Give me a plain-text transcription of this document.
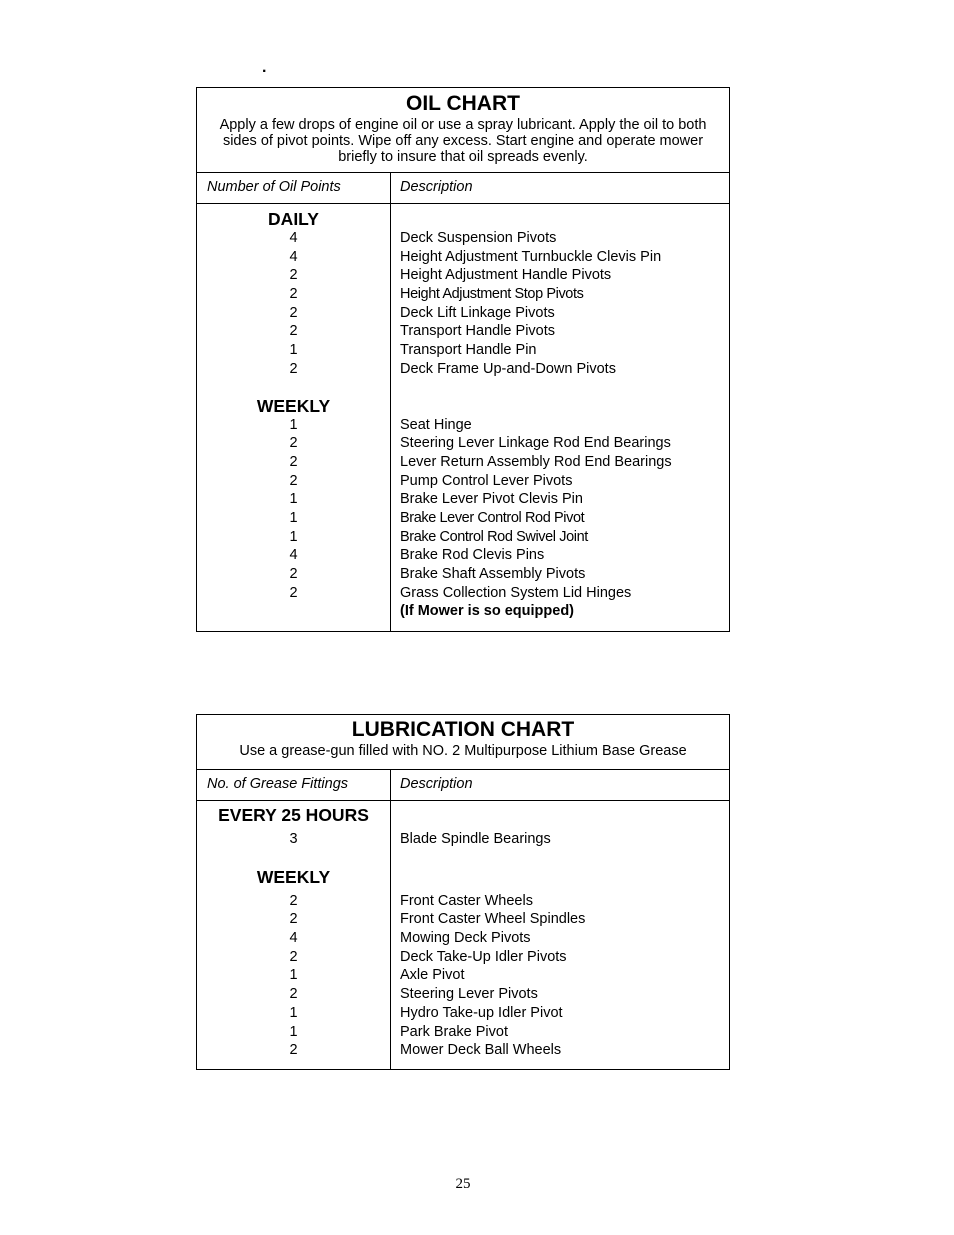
.
OIL CHART
Apply a few drops of engine oil or use a spray lubricant. Apply the oil to both sides of pivot points. Wipe off any excess. Start engine and operate mower briefly to insure that oil spreads evenly.
Number of Oil Points	Description
DAILY
4	Deck Suspension Pivots
4	Height Adjustment Turnbuckle Clevis Pin
2	Height Adjustment Handle Pivots
2	Height Adjustment Stop Pivots
2	Deck Lift Linkage Pivots
2	Transport Handle Pivots
1	Transport Handle Pin
2	Deck Frame Up-and-Down Pivots
WEEKLY
1	Seat Hinge
2	Steering Lever Linkage Rod End Bearings
2	Lever Return Assembly Rod End Bearings
2	Pump Control Lever Pivots
1	Brake Lever Pivot Clevis Pin
1	Brake Lever Control Rod Pivot
1	Brake Control Rod Swivel Joint
4	Brake Rod Clevis Pins
2	Brake Shaft Assembly Pivots
2	Grass Collection System Lid Hinges
(If Mower is so equipped)
LUBRICATION CHART
Use a grease-gun filled with NO. 2 Multipurpose Lithium Base Grease
No. of Grease Fittings	Description
EVERY 25 HOURS
3	Blade Spindle Bearings
WEEKLY
2	Front Caster Wheels
2	Front Caster Wheel Spindles
4	Mowing Deck Pivots
2	Deck Take-Up Idler Pivots
1	Axle Pivot
2	Steering Lever Pivots
1	Hydro Take-up Idler Pivot
1	Park Brake Pivot
2	Mower Deck Ball Wheels
25
